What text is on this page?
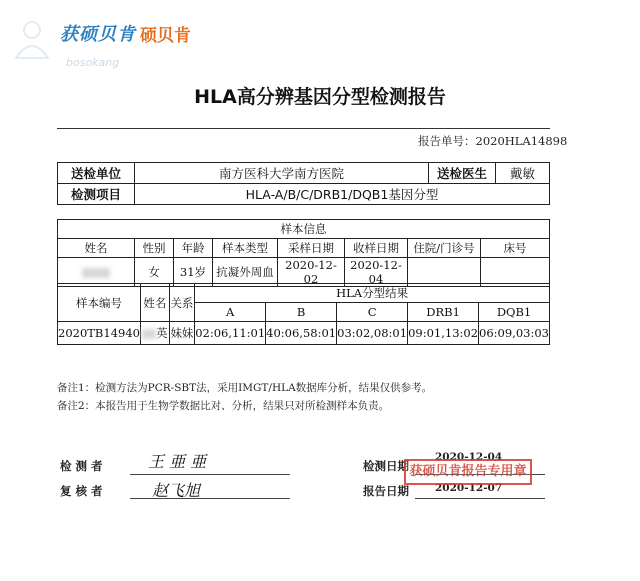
bosokang
获硕贝肯 硕贝肯
HLA高分辨基因分型检测报告
报告单号：2020HLA14898
送检单位	南方医科大学南方医院	送检医生	戴敏
检测项目	HLA-A/B/C/DRB1/DQB1基因分型		
样本信息							
姓名	性别	年龄	样本类型	采样日期	收样日期	住院/门诊号	床号
	女	31岁	抗凝外周血	2020-12-02	2020-12-04		
样本编号	姓名	关系	HLA分型结果				
			A	B	C	DRB1	DQB1
2020TB14940	英	妹妹	02:06,11:01	40:06,58:01	03:02,08:01	09:01,13:02	06:09,03:03
备注1：检测方法为PCR-SBT法，采用IMGT/HLA数据库分析，结果仅供参考。
备注2：本报告用于生物学数据比对、分析，结果只对所检测样本负责。
检 测 者	王 亜 亜
复 核 者	赵飞旭
检测日期
2020-12-04
报告日期 2020-12-07
获硕贝肯报告专用章
